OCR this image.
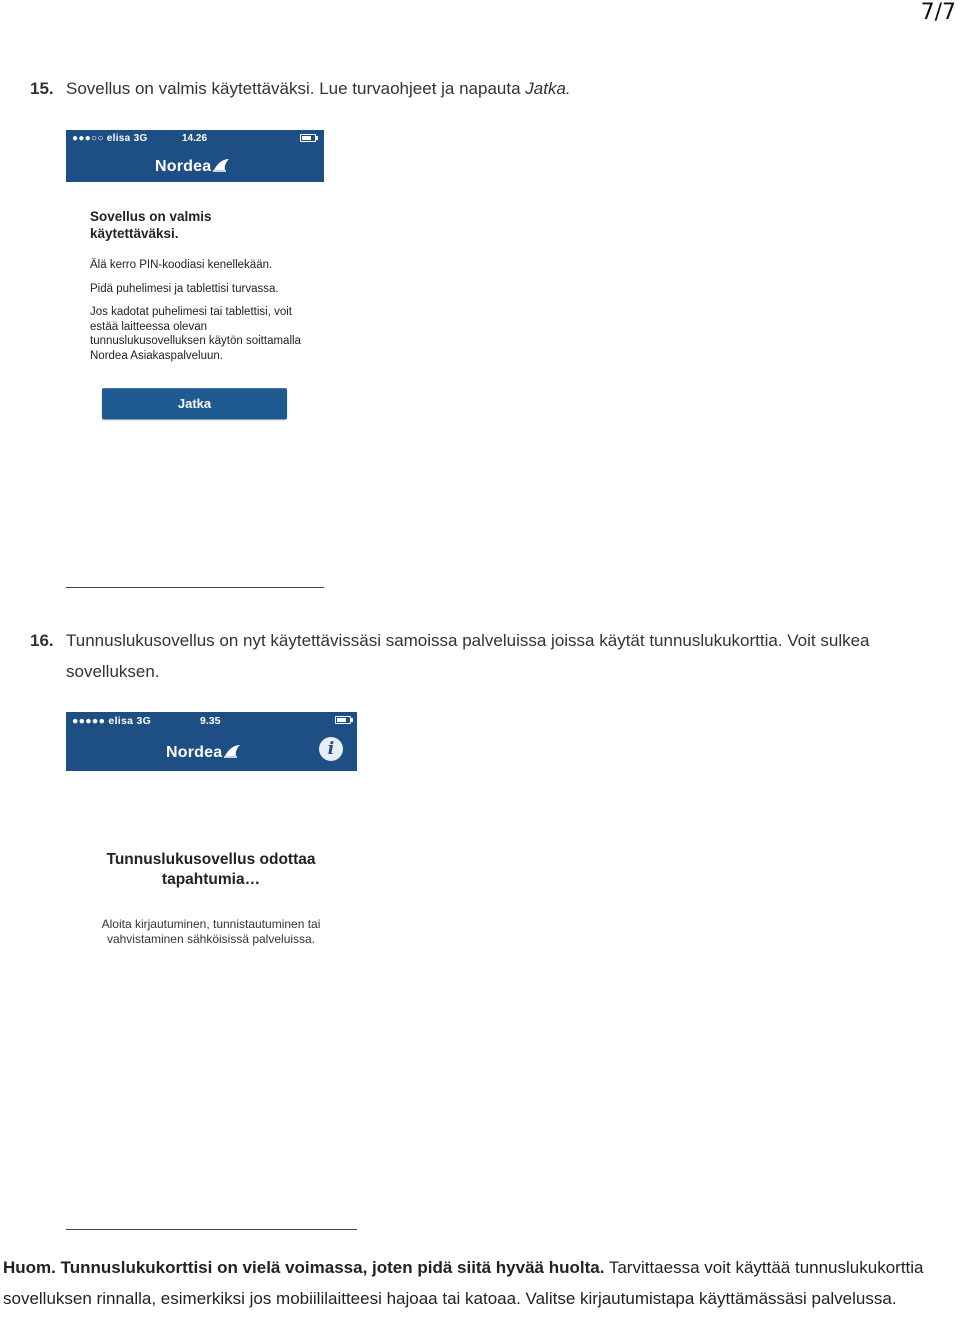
7/7
15. Sovellus on valmis käytettäväksi. Lue turvaohjeet ja napauta Jatka.
●●●○○ elisa 3G	14.26
Nordea
Sovellus on valmis käytettäväksi.
Älä kerro PIN-koodiasi kenellekään.
Pidä puhelimesi ja tablettisi turvassa.
Jos kadotat puhelimesi tai tablettisi, voit estää laitteessa olevan tunnuslukusovelluksen käytön soittamalla Nordea Asiakaspalveluun.
Jatka
16. Tunnuslukusovellus on nyt käytettävissäsi samoissa palveluissa joissa käytät tunnuslukukorttia. Voit sulkea sovelluksen.
●●●●● elisa 3G	9.35
Nordea	i
Tunnuslukusovellus odottaa tapahtumia…
Aloita kirjautuminen, tunnistautuminen tai vahvistaminen sähköisissä palveluissa.
Huom. Tunnuslukukorttisi on vielä voimassa, joten pidä siitä hyvää huolta. Tarvittaessa voit käyttää tunnuslukukorttia sovelluksen rinnalla, esimerkiksi jos mobiililaitteesi hajoaa tai katoaa. Valitse kirjautumistapa käyttämässäsi palvelussa.
